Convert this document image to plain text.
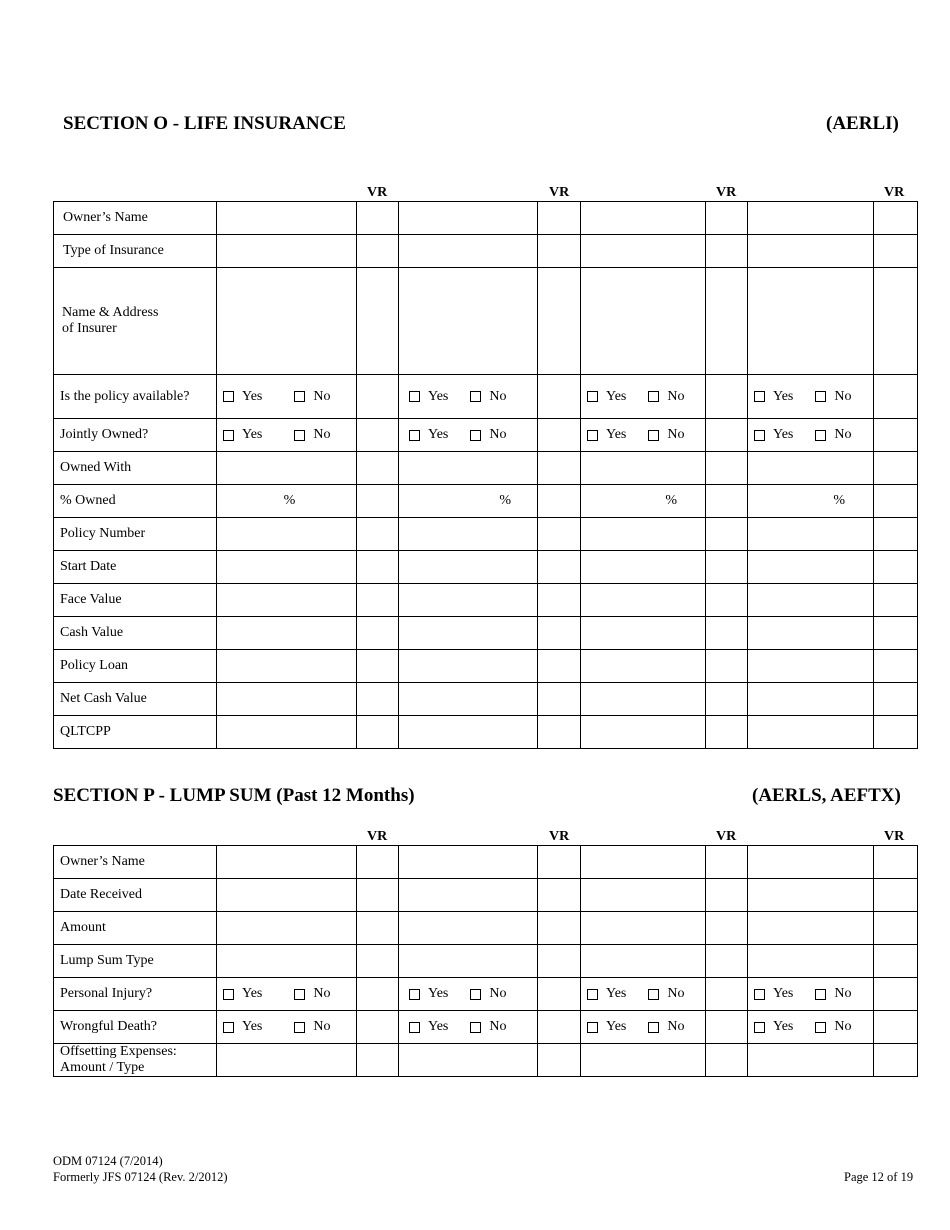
SECTION O - LIFE INSURANCE	(AERLI)
VR	VR	VR	VR
Owner’s Name								
Type of Insurance								

Name & Address
of Insurer								

Is the policy available?	Yes No		Yes No		Yes No		Yes No	

Jointly Owned?	Yes No		Yes No		Yes No		Yes No	

Owned With								
% Owned	%		%		%		%	
Policy Number								
Start Date								
Face Value								
Cash Value								
Policy Loan								
Net Cash Value								
QLTCPP								
SECTION P - LUMP SUM (Past 12 Months)	(AERLS, AEFTX)
VR	VR	VR	VR
Owner’s Name								
Date Received								
Amount								
Lump Sum Type								
Personal Injury?	Yes No		Yes No		Yes No		Yes No	

Wrongful Death?	Yes No		Yes No		Yes No		Yes No	

Offsetting Expenses:
Amount / Type								

ODM 07124 (7/2014)
Formerly JFS 07124 (Rev. 2/2012)	Page 12 of 19
